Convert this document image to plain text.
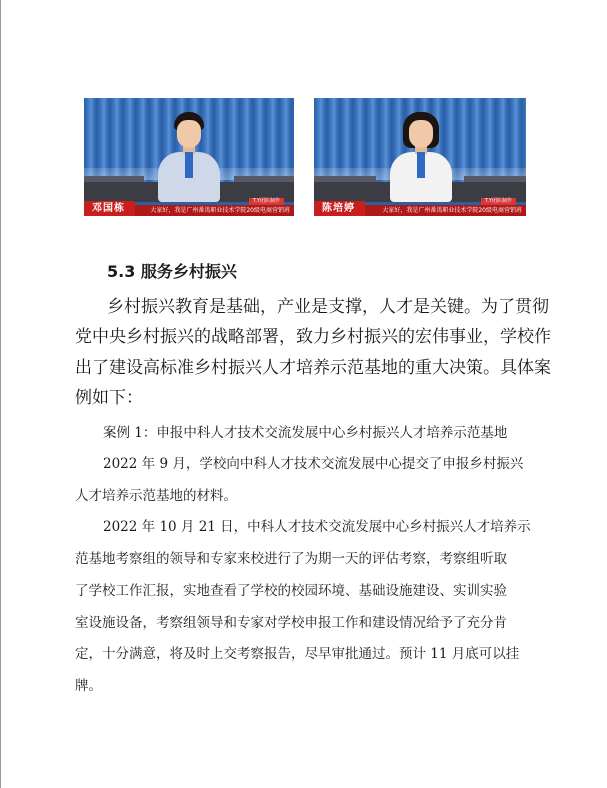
T.Y团队制作
大家好，我是广州番禺职业技术学院20级电商营销班
邓国栋
T.Y团队制作
大家好，我是广州番禺职业技术学院20级电商营销班
陈培婷
5.3 服务乡村振兴

乡村振兴教育是基础，产业是支撑，人才是关键。为了贯彻

党中央乡村振兴的战略部署，致力乡村振兴的宏伟事业，学校作

出了建设高标准乡村振兴人才培养示范基地的重大决策。具体案

例如下：

案例 1：申报中科人才技术交流发展中心乡村振兴人才培养示范基地

2022 年 9 月，学校向中科人才技术交流发展中心提交了申报乡村振兴

人才培养示范基地的材料。

2022 年 10 月 21 日，中科人才技术交流发展中心乡村振兴人才培养示

范基地考察组的领导和专家来校进行了为期一天的评估考察，考察组听取

了学校工作汇报，实地查看了学校的校园环境、基础设施建设、实训实验

室设施设备，考察组领导和专家对学校申报工作和建设情况给予了充分肯

定，十分满意，将及时上交考察报告，尽早审批通过。预计 11 月底可以挂

牌。
